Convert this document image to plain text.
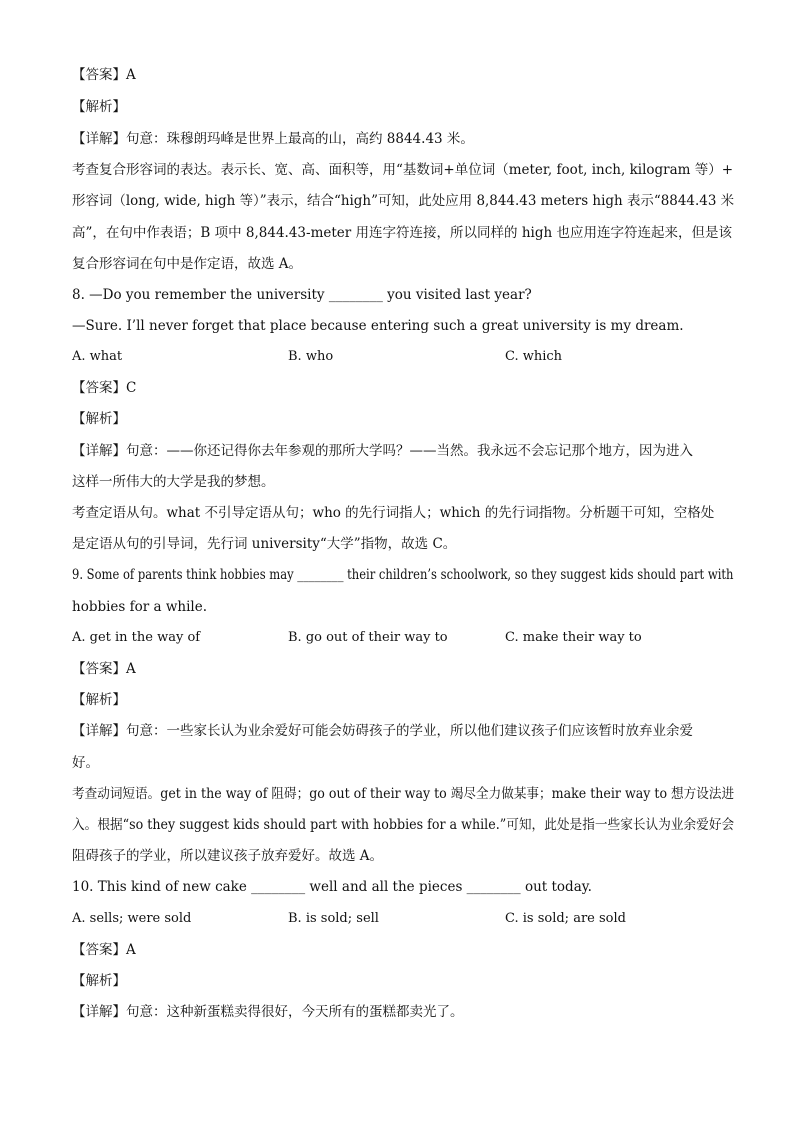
【答案】A
【解析】
【详解】句意：珠穆朗玛峰是世界上最高的山，高约 8844.43 米。
考查复合形容词的表达。表示长、宽、高、面积等，用“基数词+单位词（meter, foot, inch, kilogram 等）+
形容词（long, wide, high 等）”表示，结合“high”可知，此处应用 8,844.43 meters high 表示“8844.43 米
高”，在句中作表语；B 项中 8,844.43-meter 用连字符连接，所以同样的 high 也应用连字符连起来，但是该
复合形容词在句中是作定语，故选 A。
8. —Do you remember the university ________ you visited last year?
—Sure. I’ll never forget that place because entering such a great university is my dream.
A. what	B. who	C. which
【答案】C
【解析】
【详解】句意：——你还记得你去年参观的那所大学吗？——当然。我永远不会忘记那个地方，因为进入
这样一所伟大的大学是我的梦想。
考查定语从句。what 不引导定语从句；who 的先行词指人；which 的先行词指物。分析题干可知，空格处
是定语从句的引导词，先行词 university“大学”指物，故选 C。
9. Some of parents think hobbies may ________ their children’s schoolwork, so they suggest kids should part with
hobbies for a while.
A. get in the way of	B. go out of their way to	C. make their way to
【答案】A
【解析】
【详解】句意：一些家长认为业余爱好可能会妨碍孩子的学业，所以他们建议孩子们应该暂时放弃业余爱
好。
考查动词短语。get in the way of 阻碍；go out of their way to 竭尽全力做某事；make their way to 想方设法进
入。根据“so they suggest kids should part with hobbies for a while.”可知，此处是指一些家长认为业余爱好会
阻碍孩子的学业，所以建议孩子放弃爱好。故选 A。
10. This kind of new cake ________ well and all the pieces ________ out today.
A. sells; were sold	B. is sold; sell	C. is sold; are sold
【答案】A
【解析】
【详解】句意：这种新蛋糕卖得很好，今天所有的蛋糕都卖光了。
